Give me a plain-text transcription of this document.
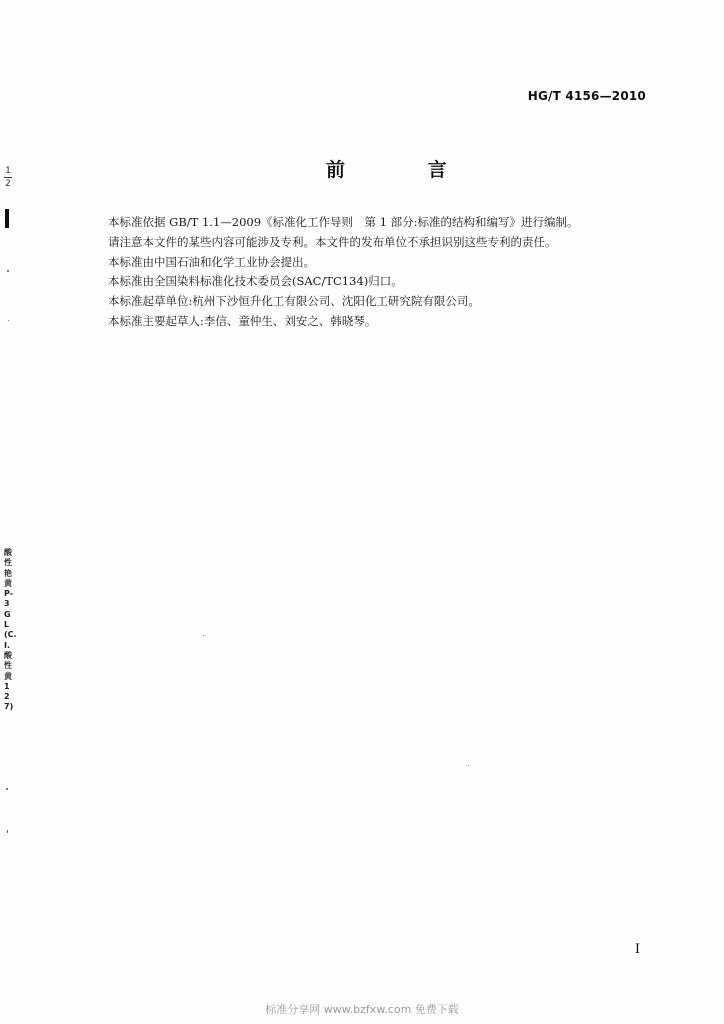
HG/T 4156—2010
前 言
本标准依据 GB/T 1.1—2009《标准化工作导则　第 1 部分:标准的结构和编写》进行编制。
请注意本文件的某些内容可能涉及专利。本文件的发布单位不承担识别这些专利的责任。
本标准由中国石油和化学工业协会提出。
本标准由全国染料标准化技术委员会(SAC/TC134)归口。
本标准起草单位:杭州下沙恒升化工有限公司、沈阳化工研究院有限公司。
本标准主要起草人:李信、童仲生、刘安之、韩晓琴。
1
2
酸性艳黄P-3GL(C.I.酸性黄127)
I
标准分享网 www.bzfxw.com 免费下载
